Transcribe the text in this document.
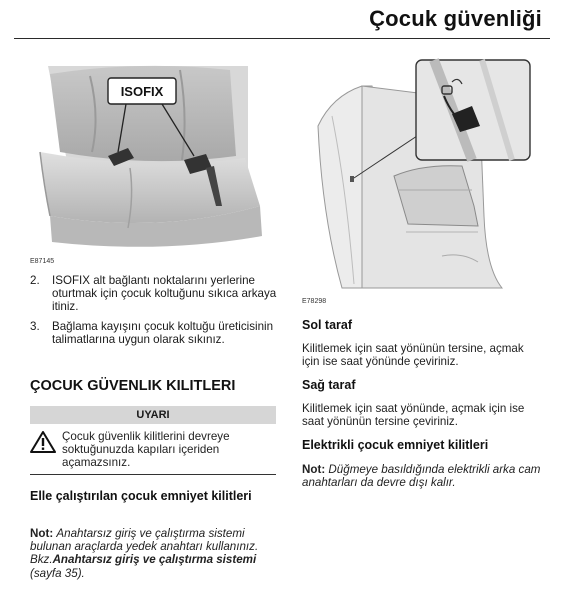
Çocuk güvenliği
ISOFIX
E87145
2. ISOFIX alt bağlantı noktalarını yerlerine oturtmak için çocuk koltuğunu sıkıca arkaya itiniz.
3. Bağlama kayışını çocuk koltuğu üreticisinin talimatlarına uygun olarak sıkınız.
ÇOCUK GÜVENLIK KILITLERI
UYARI
Çocuk güvenlik kilitlerini devreye soktuğunuzda kapıları içeriden açamazsınız.
Elle çalıştırılan çocuk emniyet kilitleri
Not: Anahtarsız giriş ve çalıştırma sistemi bulunan araçlarda yedek anahtarı kullanınız. Bkz.Anahtarsız giriş ve çalıştırma sistemi (sayfa 35).
E78298
Sol taraf
Kilitlemek için saat yönünün tersine, açmak için ise saat yönünde çeviriniz.
Sağ taraf
Kilitlemek için saat yönünde, açmak için ise saat yönünün tersine çeviriniz.
Elektrikli çocuk emniyet kilitleri
Not: Düğmeye basıldığında elektrikli arka cam anahtarları da devre dışı kalır.
